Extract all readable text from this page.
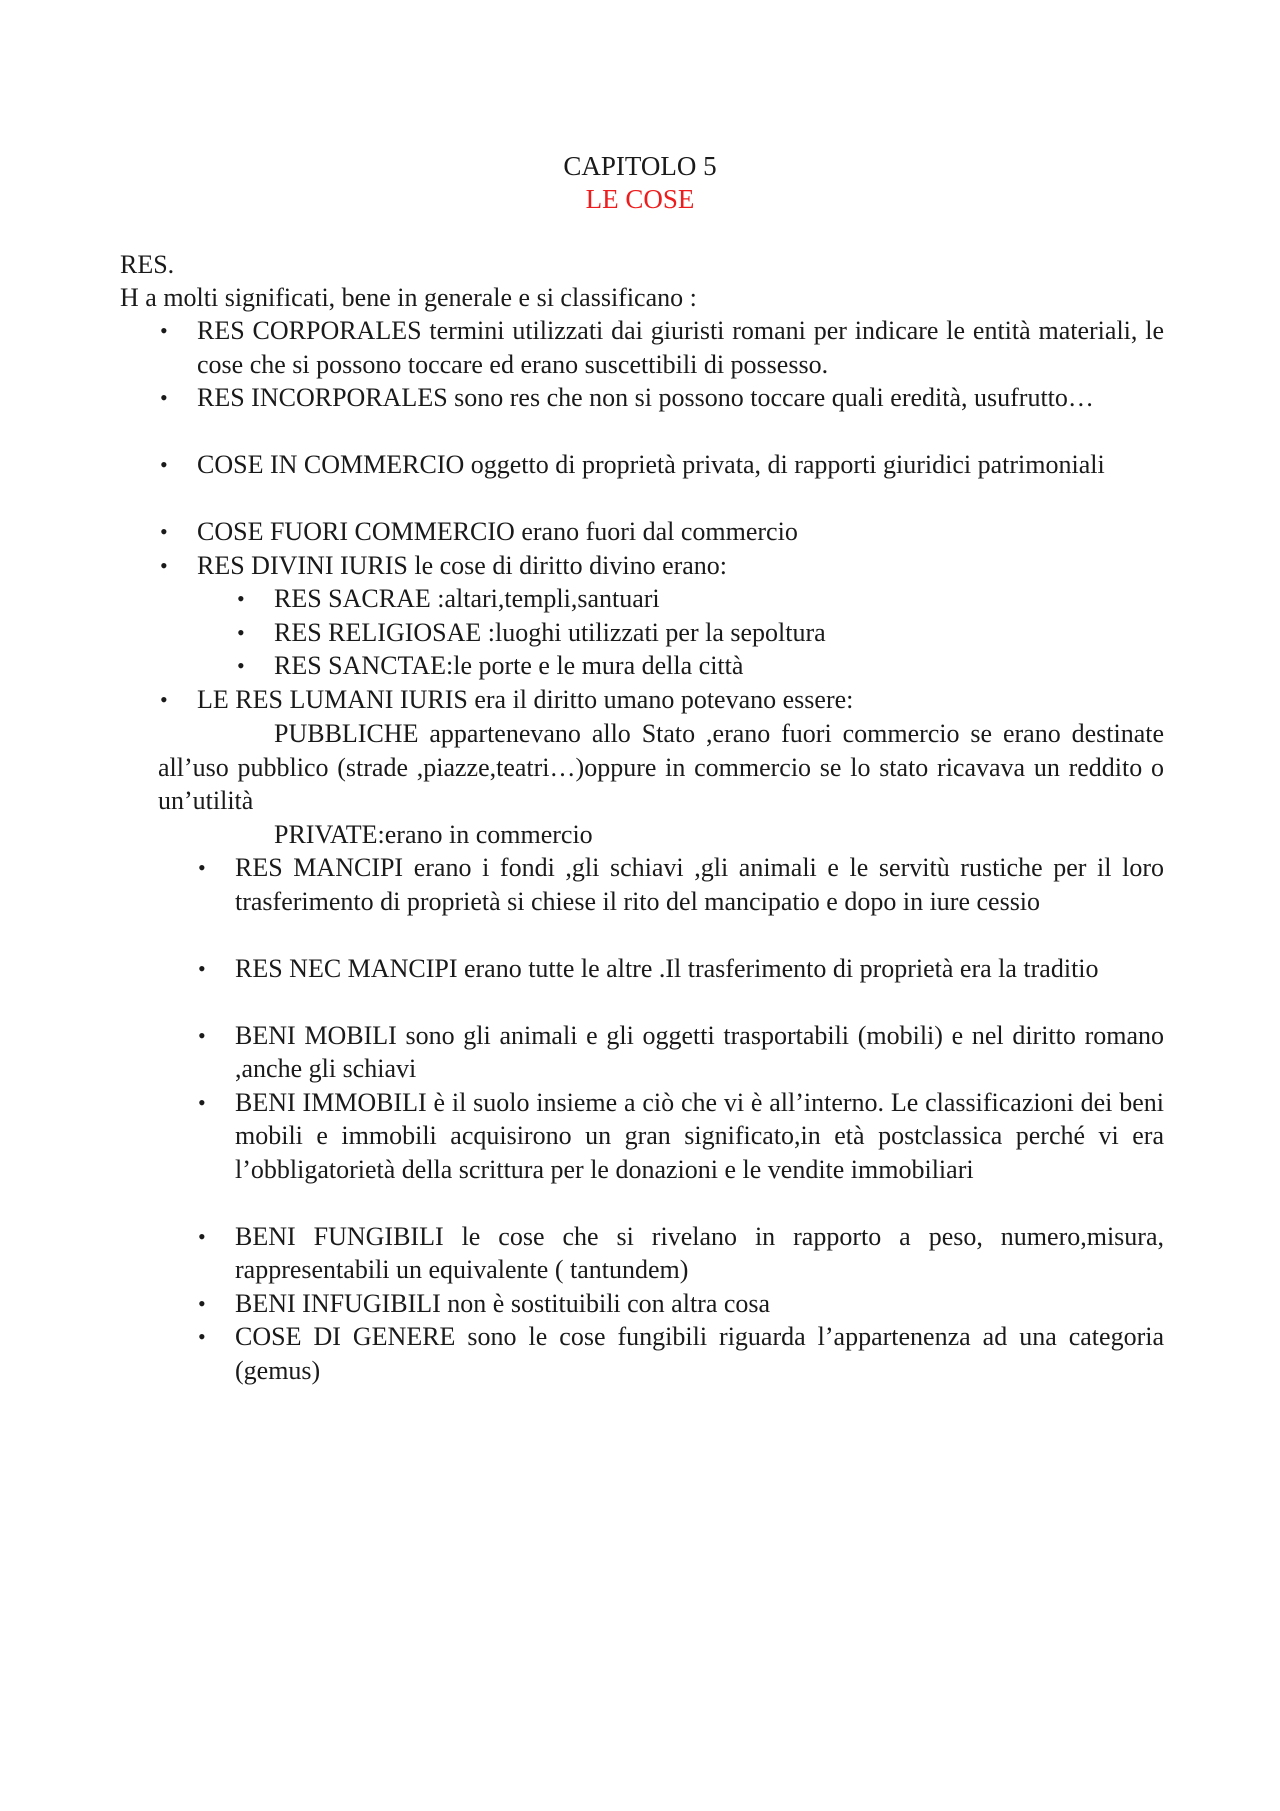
CAPITOLO 5
LE COSE
RES.
H a molti significati, bene in generale e si classificano :
• RES CORPORALES termini utilizzati dai giuristi romani per indicare le entità materiali, le cose che si possono toccare ed erano suscettibili di possesso.
• RES INCORPORALES sono res che non si possono toccare quali eredità, usufrutto…
• COSE IN COMMERCIO oggetto di proprietà privata, di rapporti giuridici patrimoniali
• COSE FUORI COMMERCIO erano fuori dal commercio
• RES DIVINI IURIS le cose di diritto divino erano:
• RES SACRAE :altari,templi,santuari
• RES RELIGIOSAE :luoghi utilizzati per la sepoltura
• RES SANCTAE:le porte e le mura della città
• LE RES LUMANI IURIS era il diritto umano potevano essere:
PUBBLICHE appartenevano allo Stato ,erano fuori commercio se erano destinate all’uso pubblico (strade ,piazze,teatri…)oppure in commercio se lo stato ricavava un reddito o un’utilità
PRIVATE:erano in commercio
• RES MANCIPI erano i fondi ,gli schiavi ,gli animali e le servitù rustiche per il loro trasferimento di proprietà si chiese il rito del mancipatio e dopo in iure cessio
• RES NEC MANCIPI erano tutte le altre .Il trasferimento di proprietà era la traditio
• BENI MOBILI sono gli animali e gli oggetti trasportabili (mobili) e nel diritto romano ,anche gli schiavi
• BENI IMMOBILI è il suolo insieme a ciò che vi è all’interno. Le classificazioni dei beni mobili e immobili acquisirono un gran significato,in età postclassica perché vi era l’obbligatorietà della scrittura per le donazioni e le vendite immobiliari
• BENI FUNGIBILI le cose che si rivelano in rapporto a peso, numero,misura, rappresentabili un equivalente ( tantundem)
• BENI INFUGIBILI non è sostituibili con altra cosa
• COSE DI GENERE sono le cose fungibili riguarda l’appartenenza ad una categoria (gemus)
